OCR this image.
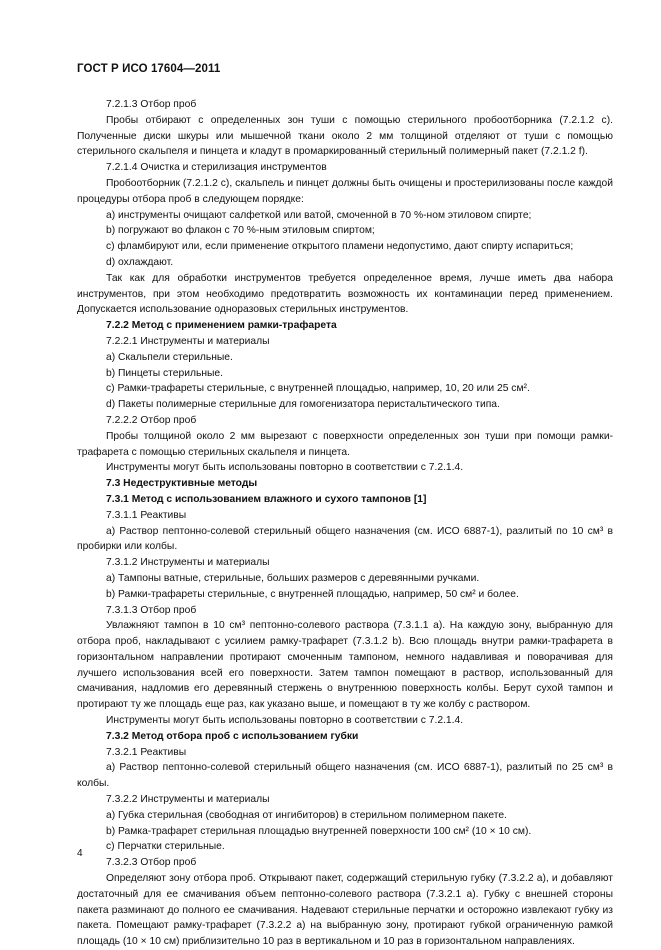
ГОСТ Р ИСО 17604—2011

7.2.1.3 Отбор проб

Пробы отбирают с определенных зон туши с помощью стерильного пробоотборника (7.2.1.2 с). Полученные диски шкуры или мышечной ткани около 2 мм толщиной отделяют от туши с помощью стерильного скальпеля и пинцета и кладут в промаркированный стерильный полимерный пакет (7.2.1.2 f).

7.2.1.4 Очистка и стерилизация инструментов

Пробоотборник (7.2.1.2 с), скальпель и пинцет должны быть очищены и простерилизованы после каждой процедуры отбора проб в следующем порядке:

а) инструменты очищают салфеткой или ватой, смоченной в 70 %-ном этиловом спирте;

b) погружают во флакон с 70 %-ным этиловым спиртом;

с) фламбируют или, если применение открытого пламени недопустимо, дают спирту испариться;

d) охлаждают.

Так как для обработки инструментов требуется определенное время, лучше иметь два набора инструментов, при этом необходимо предотвратить возможность их контаминации перед применением. Допускается использование одноразовых стерильных инструментов.

7.2.2 Метод с применением рамки-трафарета

7.2.2.1 Инструменты и материалы

а) Скальпели стерильные.

b) Пинцеты стерильные.

с) Рамки-трафареты стерильные, с внутренней площадью, например, 10, 20 или 25 см².

d) Пакеты полимерные стерильные для гомогенизатора перистальтического типа.

7.2.2.2 Отбор проб

Пробы толщиной около 2 мм вырезают с поверхности определенных зон туши при помощи рамки-трафарета с помощью стерильных скальпеля и пинцета.

Инструменты могут быть использованы повторно в соответствии с 7.2.1.4.

7.3 Недеструктивные методы

7.3.1 Метод с использованием влажного и сухого тампонов [1]

7.3.1.1 Реактивы

а) Раствор пептонно-солевой стерильный общего назначения (см. ИСО 6887-1), разлитый по 10 см³ в пробирки или колбы.

7.3.1.2 Инструменты и материалы

а) Тампоны ватные, стерильные, больших размеров с деревянными ручками.

b) Рамки-трафареты стерильные, с внутренней площадью, например, 50 см² и более.

7.3.1.3 Отбор проб

Увлажняют тампон в 10 см³ пептонно-солевого раствора (7.3.1.1 а). На каждую зону, выбранную для отбора проб, накладывают с усилием рамку-трафарет (7.3.1.2 b). Всю площадь внутри рамки-трафарета в горизонтальном направлении протирают смоченным тампоном, немного надавливая и поворачивая для лучшего использования всей его поверхности. Затем тампон помещают в раствор, использованный для смачивания, надломив его деревянный стержень о внутреннюю поверхность колбы. Берут сухой тампон и протирают ту же площадь еще раз, как указано выше, и помещают в ту же колбу с раствором.

Инструменты могут быть использованы повторно в соответствии с 7.2.1.4.

7.3.2 Метод отбора проб с использованием губки

7.3.2.1 Реактивы

а) Раствор пептонно-солевой стерильный общего назначения (см. ИСО 6887-1), разлитый по 25 см³ в колбы.

7.3.2.2 Инструменты и материалы

а) Губка стерильная (свободная от ингибиторов) в стерильном полимерном пакете.

b) Рамка-трафарет стерильная площадью внутренней поверхности 100 см² (10 × 10 см).

с) Перчатки стерильные.

7.3.2.3 Отбор проб

Определяют зону отбора проб. Открывают пакет, содержащий стерильную губку (7.3.2.2 а), и добавляют достаточный для ее смачивания объем пептонно-солевого раствора (7.3.2.1 а). Губку с внешней стороны пакета разминают до полного ее смачивания. Надевают стерильные перчатки и осторожно извлекают губку из пакета. Помещают рамку-трафарет (7.3.2.2 а) на выбранную зону, протирают губкой ограниченную рамкой площадь (10 × 10 см) приблизительно 10 раз в вертикальном и 10 раз в горизонтальном направлениях.

4
